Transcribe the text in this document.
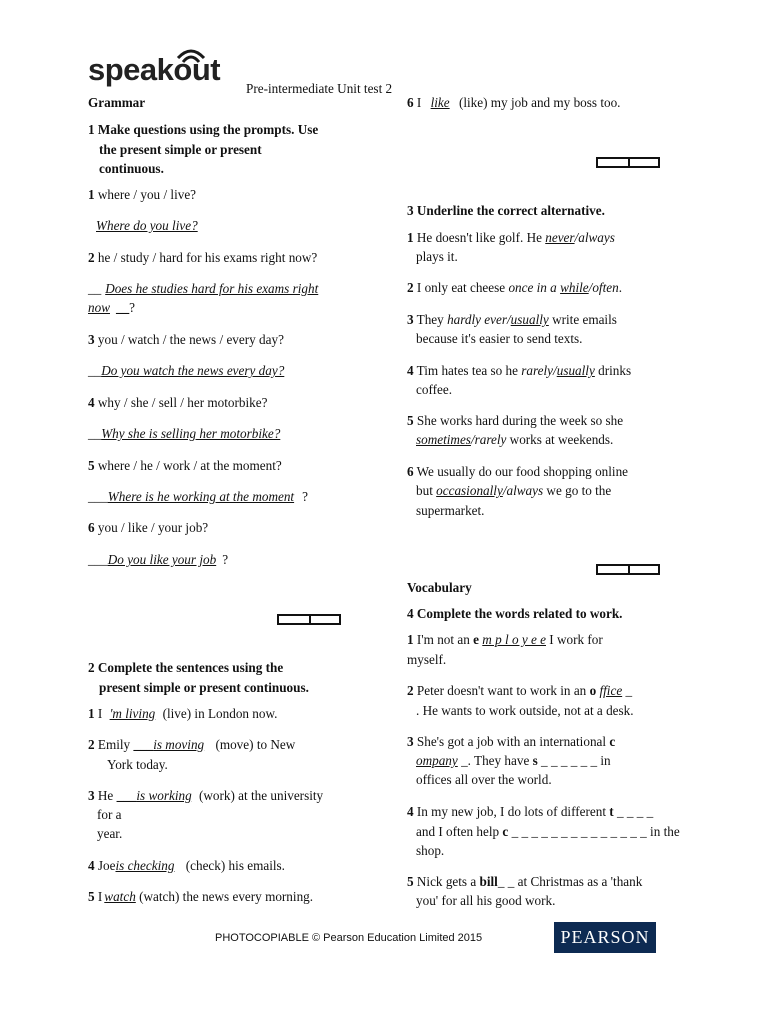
speakout
Pre-intermediate Unit test 2
Grammar
1 Make questions using the prompts. Use
the present simple or present
continuous.
1 where / you / live?
Where do you live?
2 he / study / hard for his exams right now?
__ Does he studies hard for his exams right
now __?
3 you / watch / the news / every day?
__Do you watch the news every day?
4 why / she / sell / her motorbike?
__Why she is selling her motorbike?
5 where / he / work / at the moment?
___Where is he working at the moment ?
6 you / like / your job?
___Do you like your job ?
2 Complete the sentences using the
present simple or present continuous.
1 I 'm living (live) in London now.
2 Emily ___is moving (move) to New
York today.
3 He ___is working (work) at the university
for a
year.
4 Joeis checking (check) his emails.
5 I watch (watch) the news every morning.
6 I like (like) my job and my boss too.
3 Underline the correct alternative.
1 He doesn't like golf. He never/always
plays it.
2 I only eat cheese once in a while/often.
3 They hardly ever/usually write emails
because it's easier to send texts.
4 Tim hates tea so he rarely/usually drinks
coffee.
5 She works hard during the week so she
sometimes/rarely works at weekends.
6 We usually do our food shopping online
but occasionally/always we go to the
supermarket.
Vocabulary
4 Complete the words related to work.
1 I'm not an e m p l o y e e I work for
myself.
2 Peter doesn't want to work in an o ffice _
. He wants to work outside, not at a desk.
3 She's got a job with an international c
ompany _. They have s _ _ _ _ _ _ in
offices all over the world.
4 In my new job, I do lots of different t _ _ _ _
and I often help c _ _ _ _ _ _ _ _ _ _ _ _ _ _ in the
shop.
5 Nick gets a bill_ _ at Christmas as a 'thank
you' for all his good work.
PHOTOCOPIABLE © Pearson Education Limited 2015	PEARSON
